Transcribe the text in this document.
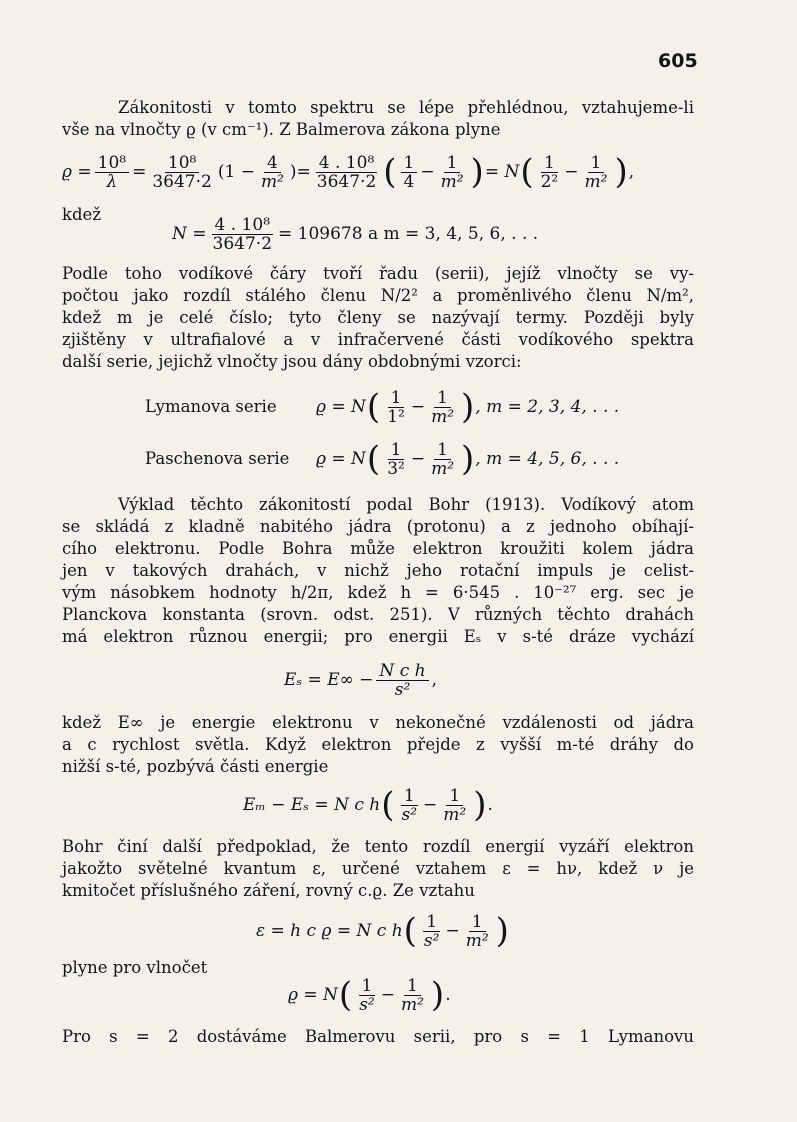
605
Zákonitosti v tomto spektru se lépe přehlédnou, vztahujeme-li
vše na vlnočty ϱ (v cm⁻¹). Z Balmerova zákona plyne
$ϱ = \frac{\text{10⁸}}{\lambda} = \frac{\text{10⁸}}{3647\cdot 2} (1 - \frac{4}{\text{m²}}$ ) = $\frac{\text{4 . 10⁸}}{3647\cdot 2}$ ( $\frac{1}{4} - \frac{1}{\text{m²}}$ ) = N ( $\frac{1}{\text{2²}} - \frac{1}{\text{m²}}$ ) ,
kdež
$N = \frac{\text{4 . 10⁸}}{3647\cdot 2} = 109678$ a m = 3, 4, 5, 6, . . .
Podle toho vodíkové čáry tvoří řadu (serii), jejíž vlnočty se vy-
počtou jako rozdíl stálého členu N/2² a proměnlivého členu N/m²,
kdež m je celé číslo; tyto členy se nazývají termy. Později byly
zjištěny v ultrafialové a v infračervené části vodíkového spektra
další serie, jejichž vlnočty jsou dány obdobnými vzorci:
Lymanova serie ϱ = N ( $\frac{1}{\text{1²}} - \frac{1}{\text{m²}}$ ) , m = 2, 3, 4, . . .
Paschenova serie ϱ = N ( $\frac{1}{\text{3²}} - \frac{1}{\text{m²}}$ ) , m = 4, 5, 6, . . .
Výklad těchto zákonitostí podal Bohr (1913). Vodíkový atom
se skládá z kladně nabitého jádra (protonu) a z jednoho obíhají-
cího elektronu. Podle Bohra může elektron kroužiti kolem jádra
jen v takových drahách, v nichž jeho rotační impuls je celist-
vým násobkem hodnoty h/2π, kdež h = 6·545 . 10⁻²⁷ erg. sec je
Planckova konstanta (srovn. odst. 251). V různých těchto drahách
má elektron různou energii; pro energii Eₛ v s-té dráze vychází
$E_s = E\infty - \frac{\text{N c h}}{\text{s²}}$ ,
kdež E∞ je energie elektronu v nekonečné vzdálenosti od jádra
a c rychlost světla. Když elektron přejde z vyšší m-té dráhy do
nižší s-té, pozbývá části energie
Eₘ − Eₛ = N c h ( $\frac{1}{\text{s²}} - \frac{1}{\text{m²}}$ ) .
Bohr činí další předpoklad, že tento rozdíl energií vyzáří elektron
jakožto světelné kvantum ε, určené vztahem ε = hν, kdež ν je
kmitočet příslušného záření, rovný c.ϱ. Ze vztahu
ε = h c ϱ = N c h ( $\frac{1}{\text{s²}} - \frac{1}{\text{m²}}$ )
plyne pro vlnočet
ϱ = N ( $\frac{1}{\text{s²}} - \frac{1}{\text{m²}}$ ) .
Pro s = 2 dostáváme Balmerovu serii, pro s = 1 Lymanovu
